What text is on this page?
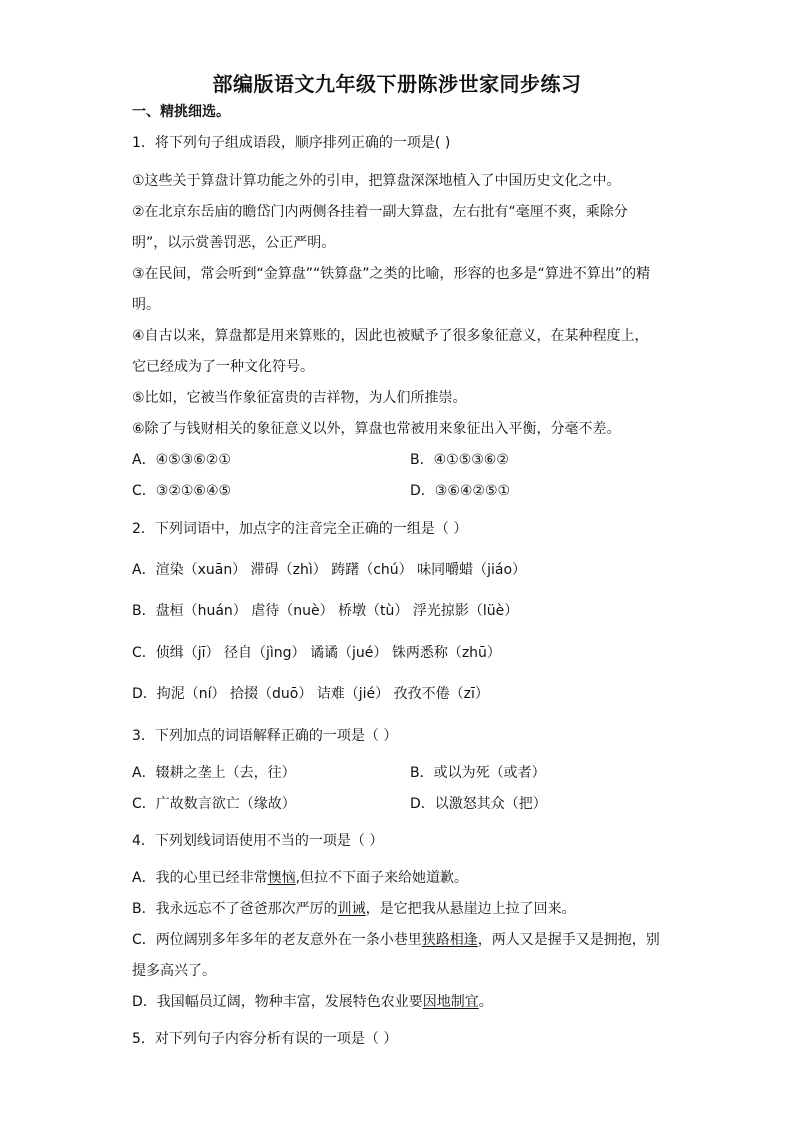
部编版语文九年级下册陈涉世家同步练习
一、精挑细选。
1．将下列句子组成语段，顺序排列正确的一项是( )
①这些关于算盘计算功能之外的引申，把算盘深深地植入了中国历史文化之中。
②在北京东岳庙的瞻岱门内两侧各挂着一副大算盘，左右批有“毫厘不爽，乘除分
明”，以示赏善罚恶，公正严明。
③在民间，常会听到“金算盘”“铁算盘”之类的比喻，形容的也多是“算进不算出”的精
明。
④自古以来，算盘都是用来算账的，因此也被赋予了很多象征意义，在某种程度上，
它已经成为了一种文化符号。
⑤比如，它被当作象征富贵的吉祥物，为人们所推崇。
⑥除了与钱财相关的象征意义以外，算盘也常被用来象征出入平衡，分毫不差。
A．④⑤③⑥②①	B．④①⑤③⑥②
C．③②①⑥④⑤	D．③⑥④②⑤①
2．下列词语中，加点字的注音完全正确的一组是（ ）
A．渲染（xuān） 滞碍（zhì） 踌躇（chú） 味同嚼蜡（jiáo）
B．盘桓（huán） 虐待（nuè） 桥墩（tù） 浮光掠影（lüè）
C．侦缉（jī） 径自（jìng） 谲谲（jué） 铢两悉称（zhū）
D．拘泥（ní） 拾掇（duō） 诘难（jié） 孜孜不倦（zī）
3．下列加点的词语解释正确的一项是（ ）
A．辍耕之垄上（去，往）	B．或以为死（或者）
C．广故数言欲亡（缘故）	D．以激怒其众（把）
4．下列划线词语使用不当的一项是（ ）
A．我的心里已经非常懊恼,但拉不下面子来给她道歉。
B．我永远忘不了爸爸那次严厉的训诫，是它把我从悬崖边上拉了回来。
C．两位阔别多年多年的老友意外在一条小巷里狭路相逢，两人又是握手又是拥抱，别
提多高兴了。
D．我国幅员辽阔，物种丰富，发展特色农业要因地制宜。
5．对下列句子内容分析有误的一项是（ ）
